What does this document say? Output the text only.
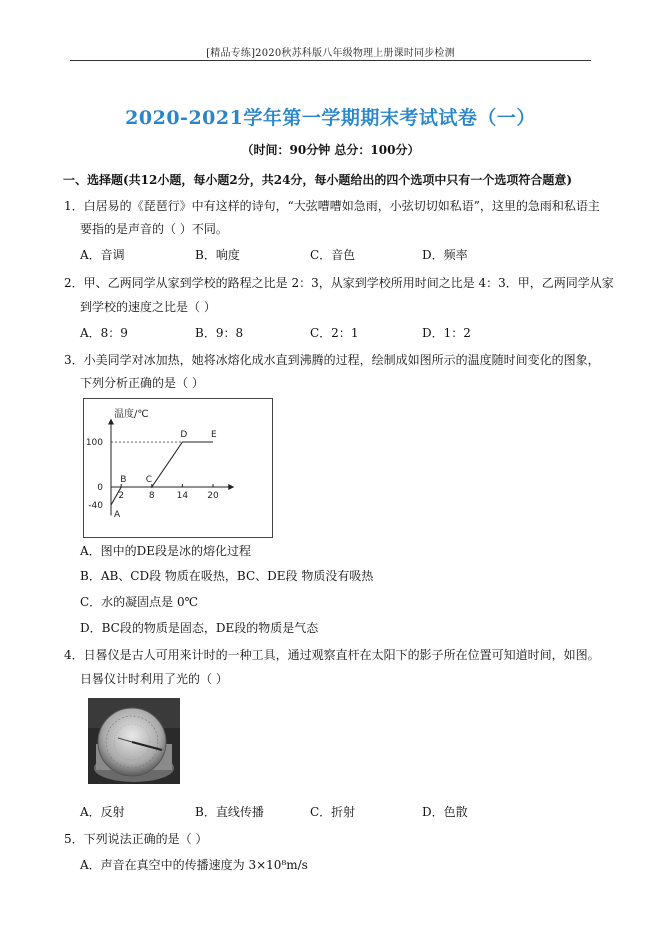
[精品专练]2020秋苏科版八年级物理上册课时同步检测
2020-2021学年第一学期期末考试试卷（一）
（时间：90分钟 总分：100分）
一、选择题(共12小题，每小题2分，共24分，每小题给出的四个选项中只有一个选项符合题意)
1．白居易的《琵琶行》中有这样的诗句，“大弦嘈嘈如急雨，小弦切切如私语”，这里的急雨和私语主
要指的是声音的（ ）不同。
A．音调	B．响度	C．音色	D．频率
2．甲、乙两同学从家到学校的路程之比是 2：3，从家到学校所用时间之比是 4：3．甲，乙两同学从家
到学校的速度之比是（ ）
A．8：9	B．9：8	C．2：1	D．1：2
3．小美同学对冰加热，她将冰熔化成水直到沸腾的过程，绘制成如图所示的温度随时间变化的图象，
下列分析正确的是（ ）
温度/℃
2	8 14 20
100
0
-40
A
B C
D	E
A．图中的DE段是冰的熔化过程
B．AB、CD段 物质在吸热，BC、DE段 物质没有吸热
C．水的凝固点是 0℃
D．BC段的物质是固态，DE段的物质是气态
4．日晷仪是古人可用来计时的一种工具，通过观察直杆在太阳下的影子所在位置可知道时间，如图。
日晷仪计时利用了光的（ ）
A．反射	B．直线传播	C．折射	D．色散
5．下列说法正确的是（ ）
A．声音在真空中的传播速度为 3×10⁸m/s
